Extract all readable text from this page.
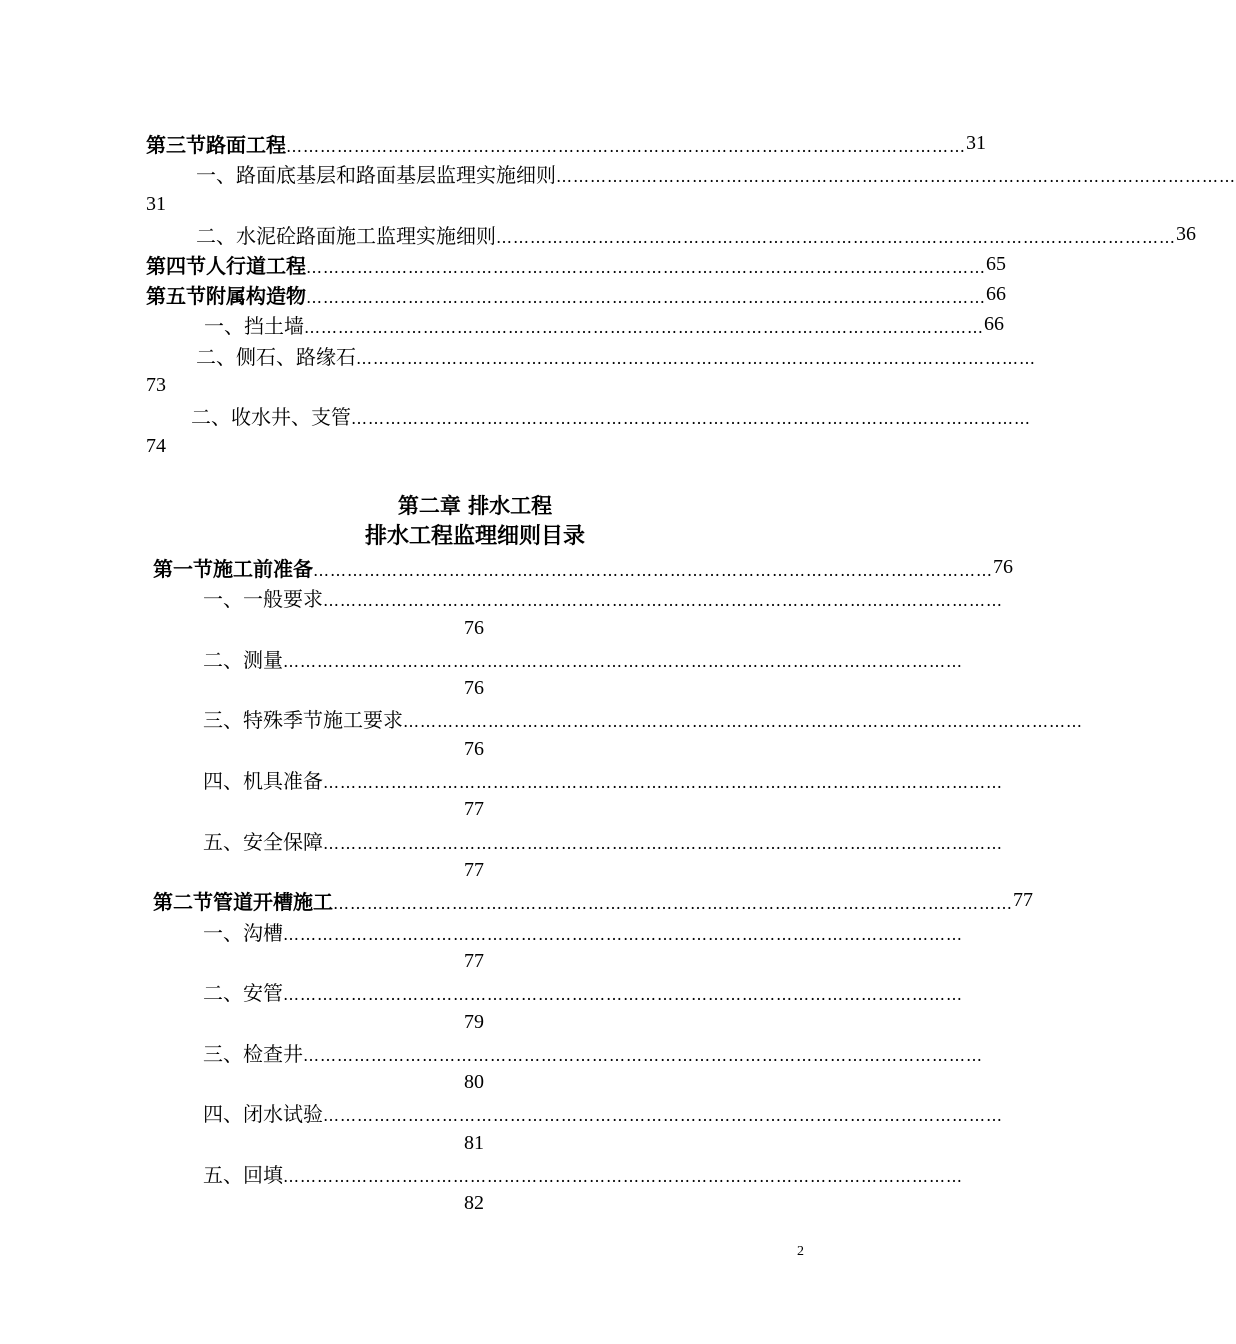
第三节 路面工程 ………………………………………………………………………………………………………… 31
一、路面底基层和路面基层监理实施细则 …………………………………………………………………………………………………………
31
二、水泥砼路面施工监理实施细则 ………………………………………………………………………………………………………… 36
第四节 人行道工程 ………………………………………………………………………………………………………… 65
第五节 附属构造物 ………………………………………………………………………………………………………… 66
一、挡土墙 ………………………………………………………………………………………………………… 66
二、侧石、路缘石 …………………………………………………………………………………………………………
73
二、收水井、支管 …………………………………………………………………………………………………………
74
第二章 排水工程
排水工程监理细则目录
第一节 施工前准备 ………………………………………………………………………………………………………… 76
一、一般要求 …………………………………………………………………………………………………………
76
二、测量 …………………………………………………………………………………………………………
76
三、特殊季节施工要求 …………………………………………………………………………………………………………
76
四、机具准备 …………………………………………………………………………………………………………
77
五、安全保障 …………………………………………………………………………………………………………
77
第二节 管道开槽施工 ………………………………………………………………………………………………………… 77
一、沟槽 …………………………………………………………………………………………………………
77
二、安管 …………………………………………………………………………………………………………
79
三、检查井 …………………………………………………………………………………………………………
80
四、闭水试验 …………………………………………………………………………………………………………
81
五、回填 …………………………………………………………………………………………………………
82
2
